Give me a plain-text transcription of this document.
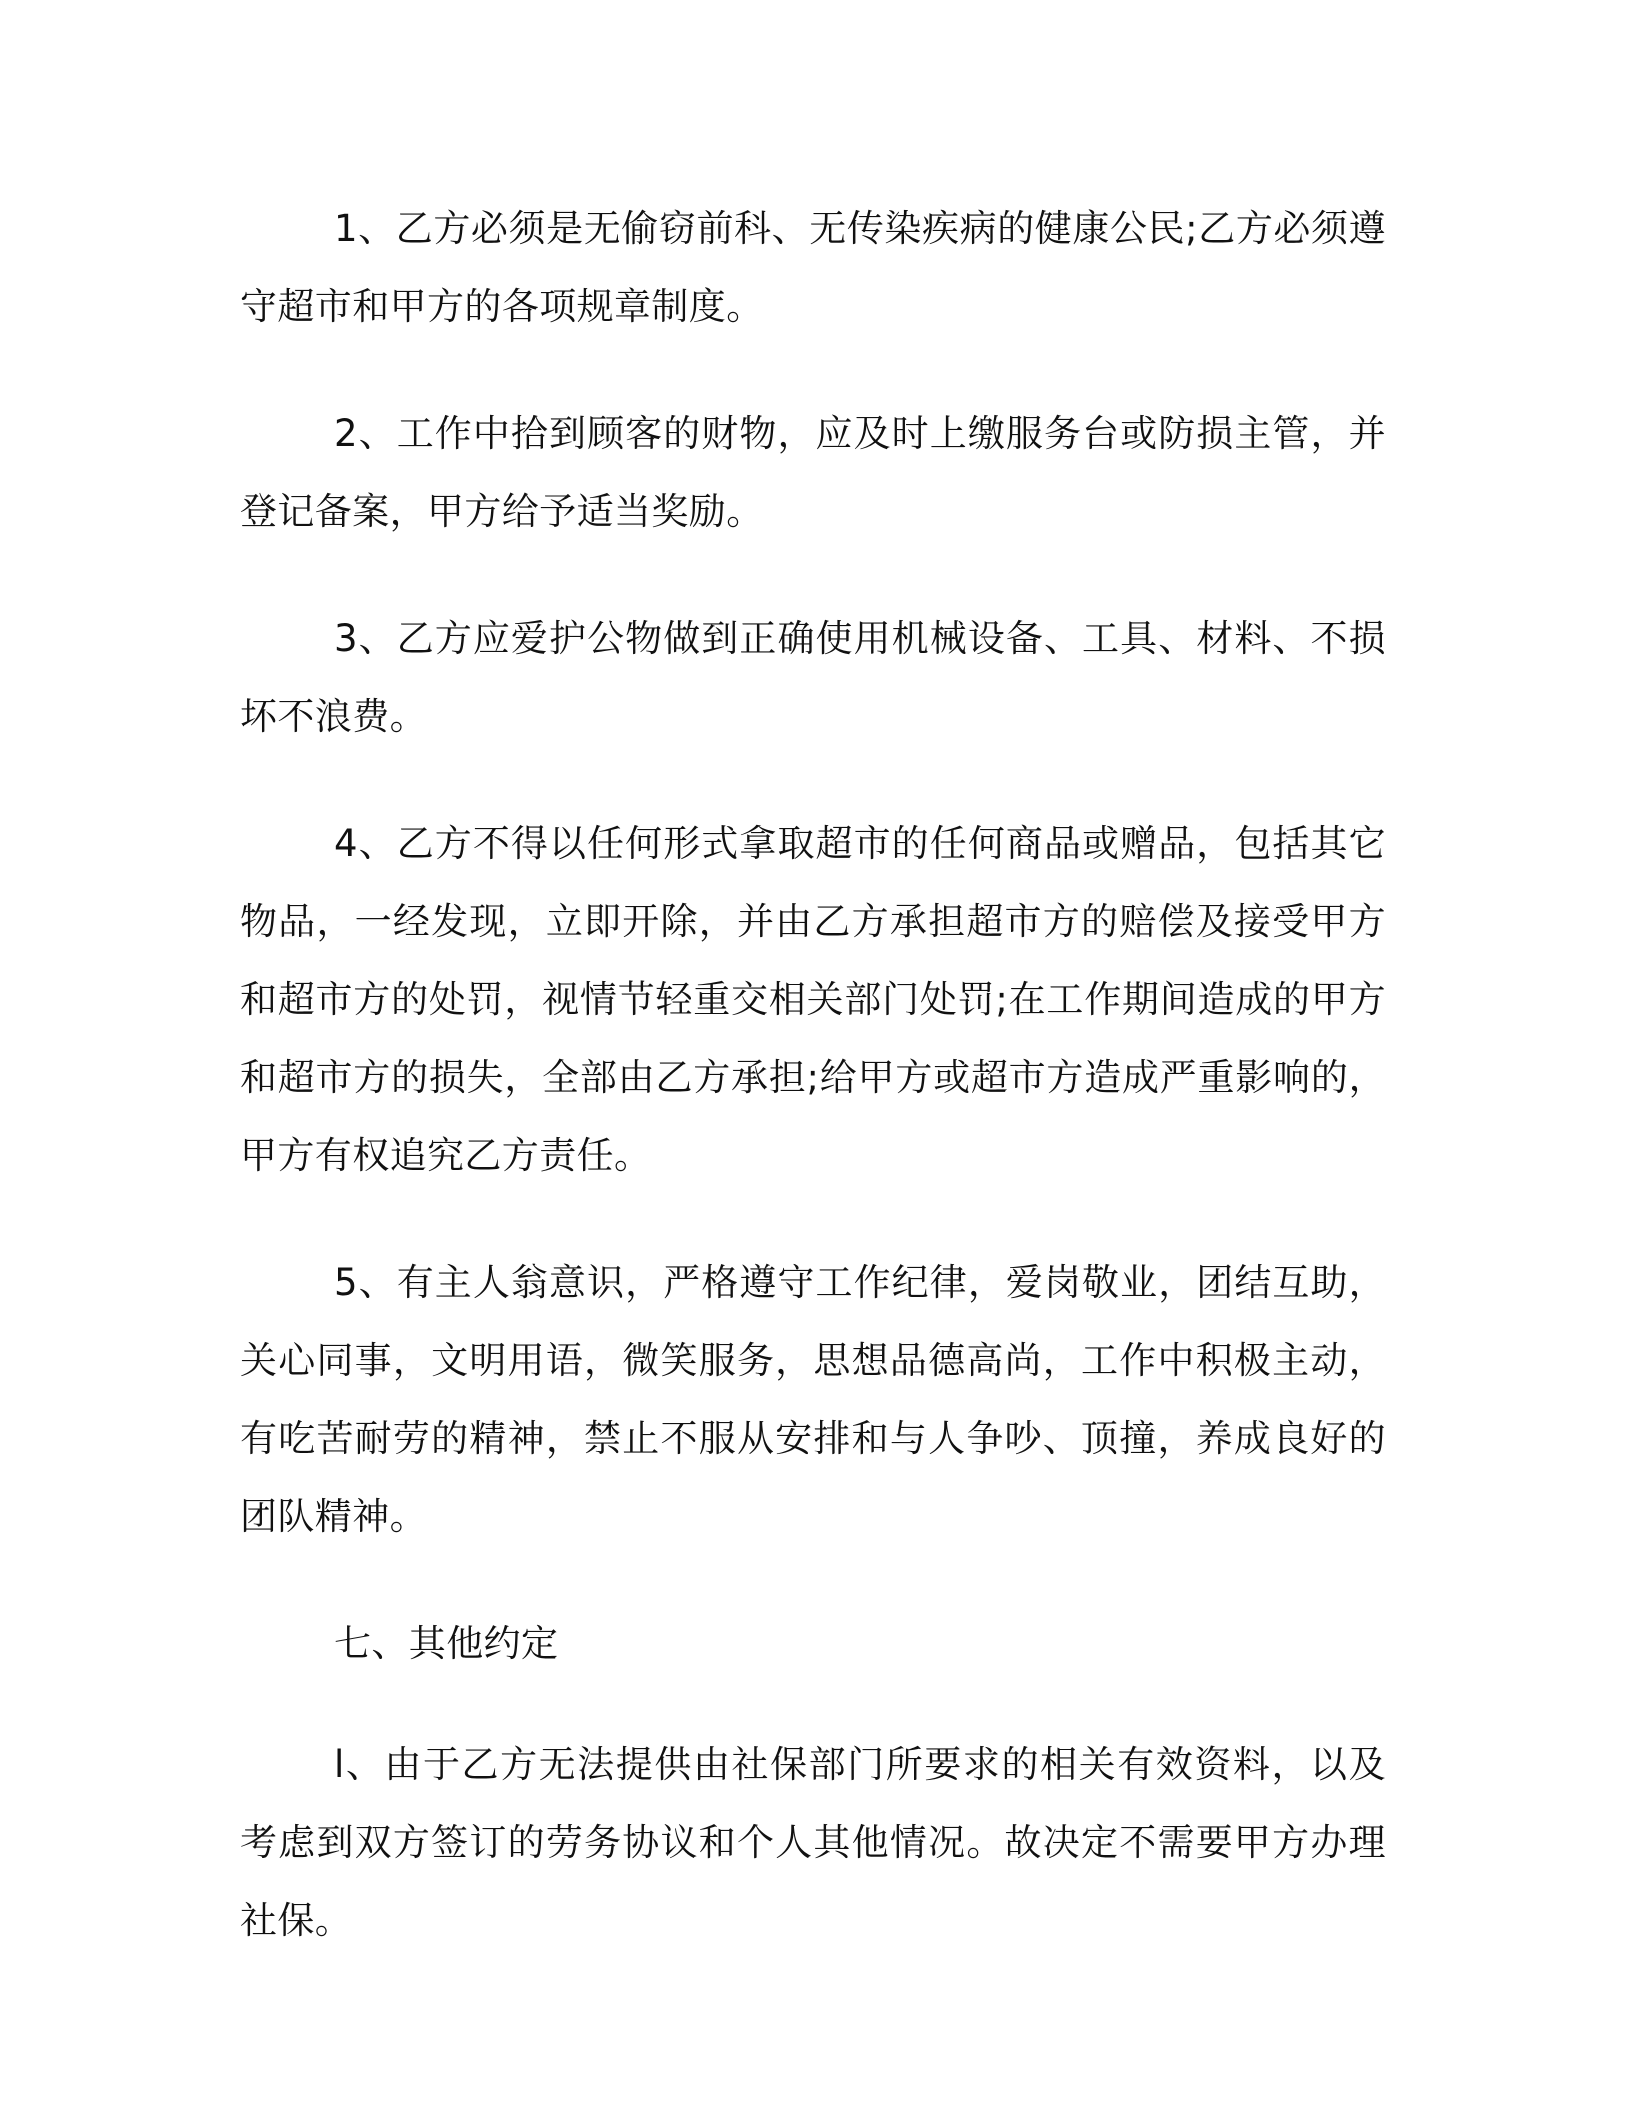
1、乙方必须是无偷窃前科、无传染疾病的健康公民;乙方必须遵守超市和甲方的各项规章制度。

2、工作中拾到顾客的财物，应及时上缴服务台或防损主管，并登记备案，甲方给予适当奖励。

3、乙方应爱护公物做到正确使用机械设备、工具、材料、不损坏不浪费。

4、乙方不得以任何形式拿取超市的任何商品或赠品，包括其它物品，一经发现，立即开除，并由乙方承担超市方的赔偿及接受甲方和超市方的处罚，视情节轻重交相关部门处罚;在工作期间造成的甲方和超市方的损失，全部由乙方承担;给甲方或超市方造成严重影响的，甲方有权追究乙方责任。

5、有主人翁意识，严格遵守工作纪律，爱岗敬业，团结互助，关心同事，文明用语，微笑服务，思想品德高尚，工作中积极主动，有吃苦耐劳的精神，禁止不服从安排和与人争吵、顶撞，养成良好的团队精神。

七、其他约定

l、由于乙方无法提供由社保部门所要求的相关有效资料，以及考虑到双方签订的劳务协议和个人其他情况。故决定不需要甲方办理社保。
